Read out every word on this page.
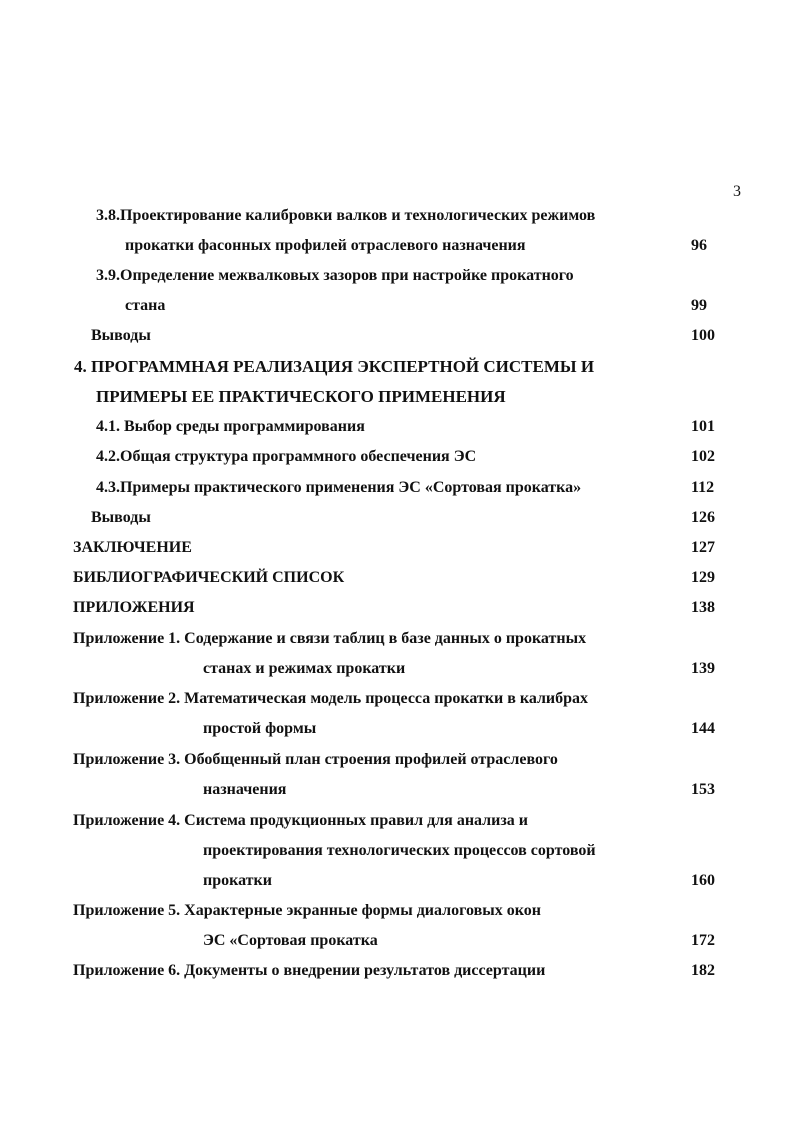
3
3.8.Проектирование калибровки валков и технологических режимов
прокатки фасонных профилей отраслевого назначения	96
3.9.Определение межвалковых зазоров при настройке прокатного
стана	99
Выводы	100
4. ПРОГРАММНАЯ РЕАЛИЗАЦИЯ ЭКСПЕРТНОЙ СИСТЕМЫ И
ПРИМЕРЫ ЕЕ ПРАКТИЧЕСКОГО ПРИМЕНЕНИЯ
4.1. Выбор среды программирования	101
4.2.Общая структура программного обеспечения ЭС	102
4.3.Примеры практического применения ЭС «Сортовая прокатка»	112
Выводы	126
ЗАКЛЮЧЕНИЕ	127
БИБЛИОГРАФИЧЕСКИЙ СПИСОК	129
ПРИЛОЖЕНИЯ	138
Приложение 1. Содержание и связи таблиц в базе данных о прокатных
станах и режимах прокатки	139
Приложение 2. Математическая модель процесса прокатки в калибрах
простой формы	144
Приложение 3. Обобщенный план строения профилей отраслевого
назначения	153
Приложение 4. Система продукционных правил для анализа и
проектирования технологических процессов сортовой
прокатки	160
Приложение 5. Характерные экранные формы диалоговых окон
ЭС «Сортовая прокатка	172
Приложение 6. Документы о внедрении результатов диссертации	182
